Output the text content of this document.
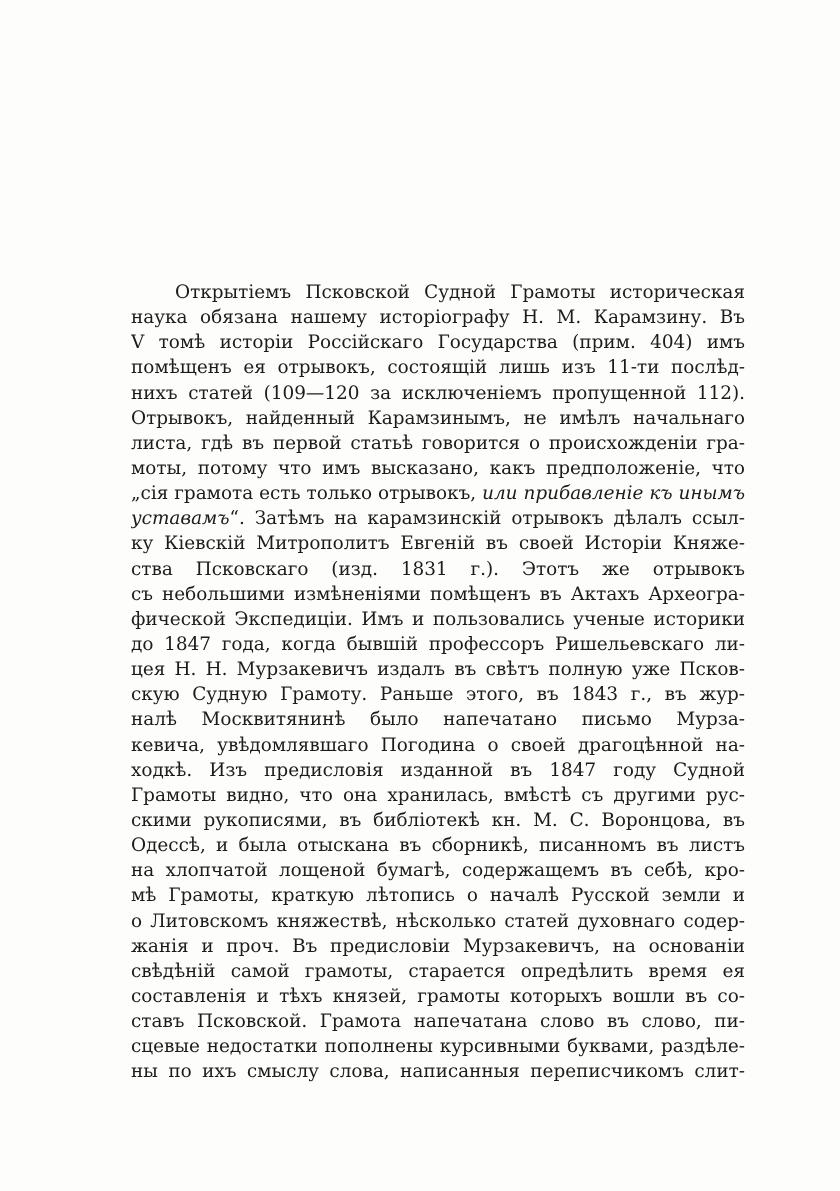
Открытіемъ Псковской Судной Грамоты историческая
наука обязана нашему исторіографу Н. М. Карамзину. Въ
V томѣ исторіи Россійскаго Государства (прим. 404) имъ
помѣщенъ ея отрывокъ, состоящій лишь изъ 11-ти послѣд-
нихъ статей (109—120 за исключеніемъ пропущенной 112).
Отрывокъ, найденный Карамзинымъ, не имѣлъ начальнаго
листа, гдѣ въ первой статьѣ говорится о происхожденіи гра-
моты, потому что имъ высказано, какъ предположеніе, что
„сія грамота есть только отрывокъ, или прибавленіе къ инымъ
уставамъ“. Затѣмъ на карамзинскій отрывокъ дѣлалъ ссыл-
ку Кіевскій Митрополитъ Евгеній въ своей Исторіи Княже-
ства Псковскаго (изд. 1831 г.). Этотъ же отрывокъ
съ небольшими измѣненіями помѣщенъ въ Актахъ Археогра-
фической Экспедиціи. Имъ и пользовались ученые историки
до 1847 года, когда бывшій профессоръ Ришельевскаго ли-
цея Н. Н. Мурзакевичъ издалъ въ свѣтъ полную уже Псков-
скую Судную Грамоту. Раньше этого, въ 1843 г., въ жур-
налѣ Москвитянинѣ было напечатано письмо Мурза-
кевича, увѣдомлявшаго Погодина о своей драгоцѣнной на-
ходкѣ. Изъ предисловія изданной въ 1847 году Судной
Грамоты видно, что она хранилась, вмѣстѣ съ другими рус-
скими рукописями, въ библіотекѣ кн. М. С. Воронцова, въ
Одессѣ, и была отыскана въ сборникѣ, писанномъ въ листъ
на хлопчатой лощеной бумагѣ, содержащемъ въ себѣ, кро-
мѣ Грамоты, краткую лѣтопись о началѣ Русской земли и
о Литовскомъ княжествѣ, нѣсколько статей духовнаго содер-
жанія и проч. Въ предисловіи Мурзакевичъ, на основаніи
свѣдѣній самой грамоты, старается опредѣлить время ея
составленія и тѣхъ князей, грамоты которыхъ вошли въ со-
ставъ Псковской. Грамота напечатана слово въ слово, пи-
сцевые недостатки пополнены курсивными буквами, раздѣле-
ны по ихъ смыслу слова, написанныя переписчикомъ слит-
